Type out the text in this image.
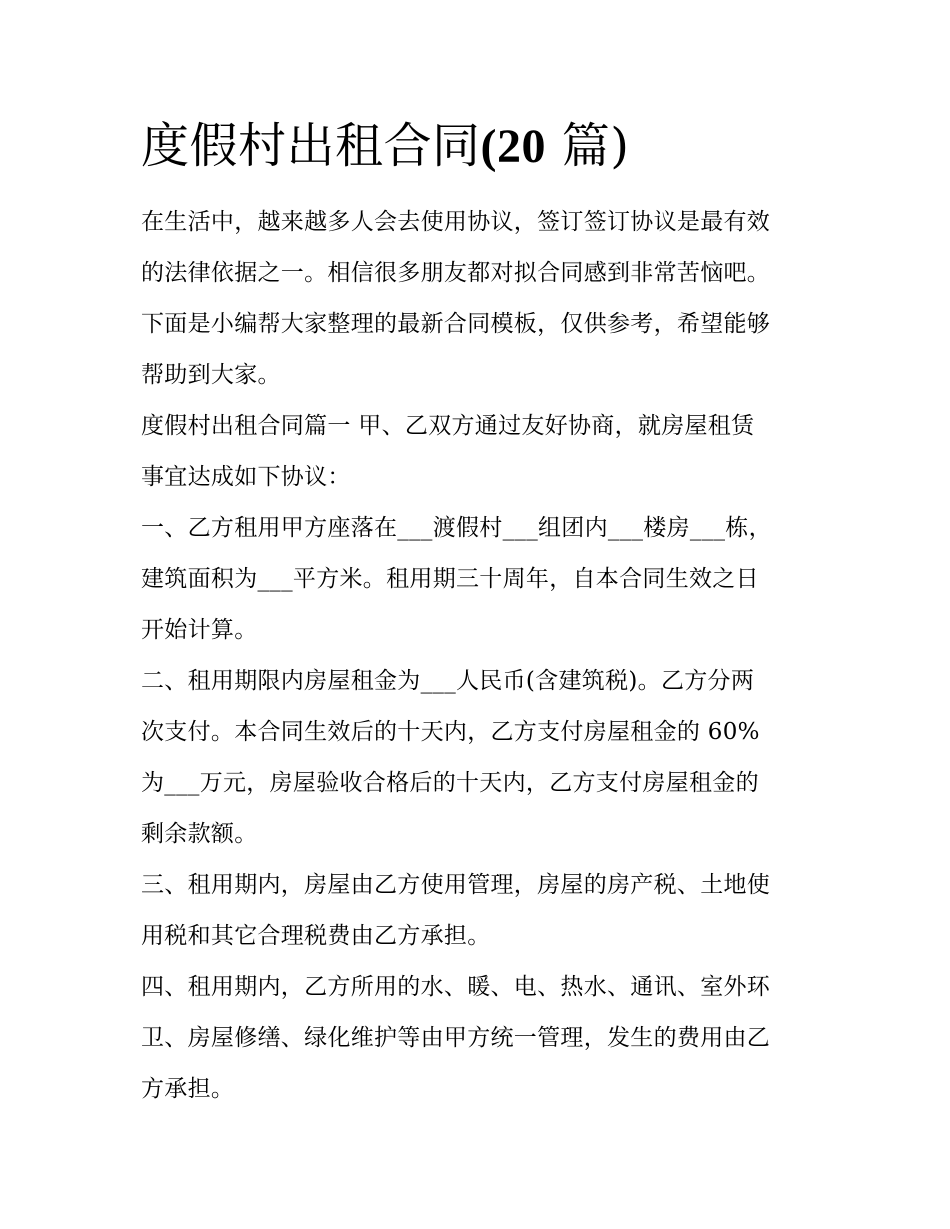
度假村出租合同(20 篇)

在生活中，越来越多人会去使用协议，签订签订协议是最有效
的法律依据之一。相信很多朋友都对拟合同感到非常苦恼吧。
下面是小编帮大家整理的最新合同模板，仅供参考，希望能够
帮助到大家。

度假村出租合同篇一 甲、乙双方通过友好协商，就房屋租赁
事宜达成如下协议：

一、乙方租用甲方座落在___渡假村___组团内___楼房___栋，
建筑面积为___平方米。租用期三十周年，自本合同生效之日
开始计算。

二、租用期限内房屋租金为___人民币(含建筑税)。乙方分两
次支付。本合同生效后的十天内，乙方支付房屋租金的 60%
为___万元，房屋验收合格后的十天内，乙方支付房屋租金的
剩余款额。

三、租用期内，房屋由乙方使用管理，房屋的房产税、土地使
用税和其它合理税费由乙方承担。

四、租用期内，乙方所用的水、暖、电、热水、通讯、室外环
卫、房屋修缮、绿化维护等由甲方统一管理，发生的费用由乙
方承担。
